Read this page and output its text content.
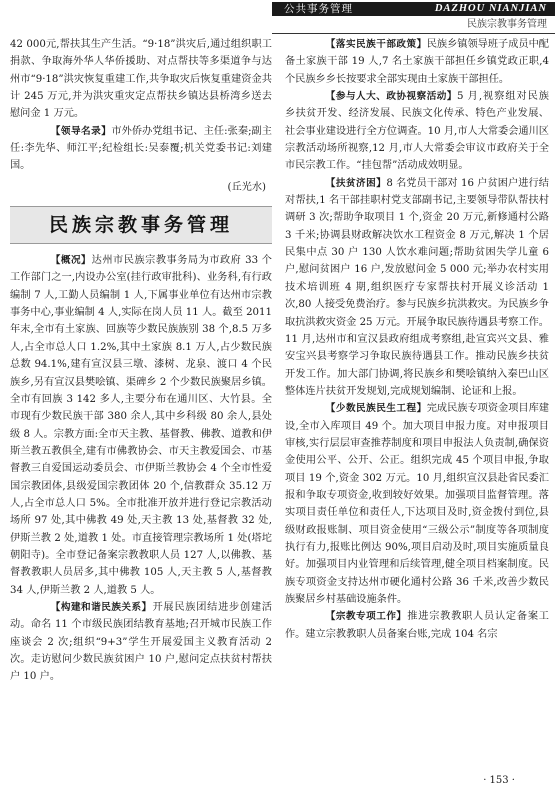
公共事务管理	DAZHOU NIANJIAN
民族宗教事务管理

42 000元,帮扶其生产生活。“9·18”洪灾后,通过组织职工捐款、争取海外华人华侨援助、对点帮扶等多渠道争与达州市“9·18”洪灾恢复重建工作,共争取灾后恢复重建资金共计 245 万元,并为洪灾重灾定点帮扶乡镇达县桥湾乡送去慰问金 1 万元。

【领导名录】市外侨办党组书记、主任:张秦;副主任:李先华、师江平;纪检组长:吴泰覆;机关党委书记:刘建国。

(丘光水)

民族宗教事务管理

【概况】达州市民族宗教事务局为市政府 33 个工作部门之一,内设办公室(挂行政审批科)、业务科,有行政编制 7 人,工勤人员编制 1 人,下属事业单位有达州市宗教事务中心,事业编制 4 人,实际在岗人员 11 人。截至 2011 年末,全市有土家族、回族等少数民族族别 38 个,8.5 万多人,占全市总人口 1.2%,其中土家族 8.1 万人,占少数民族总数 94.1%,建有宣汉县三墩、漆树、龙泉、渡口 4 个民族乡,另有宣汉县樊哙镇、渠碑乡 2 个少数民族聚居乡镇。全市有回族 3 142 多人,主要分布在通川区、大竹县。全市现有少数民族干部 380 余人,其中乡科级 80 余人,县处级 8 人。宗教方面:全市天主教、基督教、佛教、道教和伊斯兰教五教俱全,建有市佛教协会、市天主教爱国会、市基督教三自爱国运动委员会、市伊斯兰教协会 4 个全市性爱国宗教团体,县级爱国宗教团体 20 个,信教群众 35.12 万人,占全市总人口 5%。全市批准开放并进行登记宗教活动场所 97 处,其中佛教 49 处,天主教 13 处,基督教 32 处,伊斯兰教 2 处,道教 1 处。市直接管理宗教场所 1 处(塔坨朝阳寺)。全市登记备案宗教教职人员 127 人,以佛教、基督教教职人员居多,其中佛教 105 人,天主教 5 人,基督教 34 人,伊斯兰教 2 人,道教 5 人。

【构建和谐民族关系】开展民族团结进步创建活动。命名 11 个市级民族团结教育基地;召开城市民族工作座谈会 2 次;组织“9+3”学生开展爱国主义教育活动 2 次。走访慰问少数民族贫困户 10 户,慰问定点扶贫村帮扶户 10 户。

【落实民族干部政策】民族乡镇领导班子成员中配备土家族干部 19 人,7 名土家族干部担任乡镇党政正职,4 个民族乡乡长按要求全部实现由土家族干部担任。

【参与人大、政协视察活动】5 月,视察组对民族乡扶贫开发、经济发展、民族文化传承、特色产业发展、社会事业建设进行全方位调查。10 月,市人大常委会通川区宗教活动场所视察,12 月,市人大常委会审议市政府关于全市民宗教工作。“挂包帮”活动成效明显。

【扶贫济困】8 名党员干部对 16 户贫困户进行结对帮扶,1 名干部挂职村党支部副书记,主要领导带队帮扶村调研 3 次;帮助争取项目 1 个,资金 20 万元,新修通村公路 3 千米;协调县财政解决饮水工程资金 8 万元,解决 1 个居民集中点 30 户 130 人饮水难问题;帮助贫困失学儿童 6 户,慰问贫困户 16 户,发放慰问金 5 000 元;举办农村实用技术培训班 4 期,组织医疗专家帮扶村开展义诊活动 1 次,80 人接受免费治疗。参与民族乡抗洪救灾。为民族乡争取抗洪救灾资金 25 万元。开展争取民族待遇县考察工作。11 月,达州市和宣汉县政府组成考察组,赴宣宾兴文县、雅安宝兴县考察学习争取民族待遇县工作。推动民族乡扶贫开发工作。加大部门协调,将民族乡和樊哙镇纳入秦巴山区整体连片扶贫开发规划,完成规划编制、论证和上报。

【少数民族民生工程】完成民族专项资金项目库建设,全市入库项目 49 个。加大项目申报力度。对申报项目审核,实行层层审查推荐制度和项目申报法人负责制,确保资金使用公平、公开、公正。组织完成 45 个项目申报,争取项目 19 个,资金 302 万元。10 月,组织宣汉县赴省民委汇报和争取专项资金,收到较好效果。加强项目监督管理。落实项目责任单位和责任人,下达项目及时,资金拨付到位,县级财政报账制、项目资金使用“三级公示”制度等各项制度执行有力,报账比例达 90%,项目启动及时,项目实施质量良好。加强项目内业管理和后续管理,健全项目档案制度。民族专项资金支持达州市硬化通村公路 36 千米,改善少数民族聚居乡村基础设施条件。

【宗教专项工作】推进宗教教职人员认定备案工作。建立宗教教职人员备案台账,完成 104 名宗

· 153 ·
